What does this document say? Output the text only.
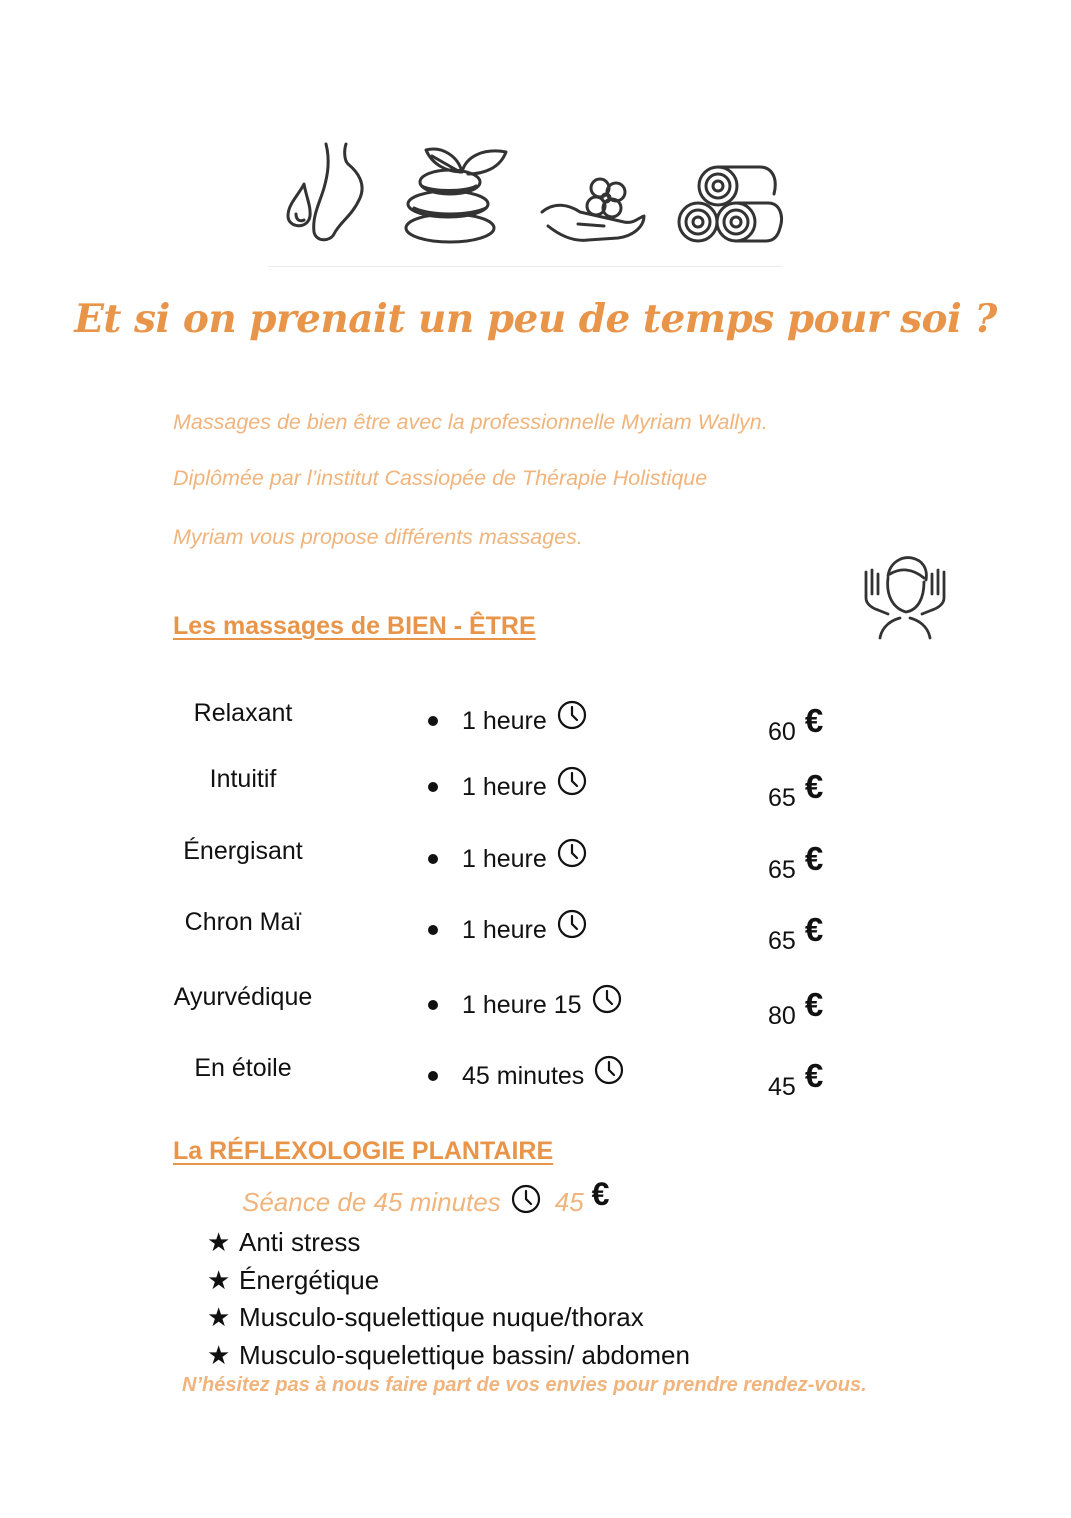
Et si on prenait un peu de temps pour soi ?
Massages de bien être avec la professionnelle Myriam Wallyn.
Diplômée par l’institut Cassiopée de Thérapie Holistique
Myriam vous propose différents massages.
Les massages de BIEN - ÊTRE
Relaxant	1 heure	60 €
Intuitif	1 heure	65 €
Énergisant	1 heure	65 €
Chron Maï	1 heure	65 €
Ayurvédique	1 heure 15	80 €
En étoile	45 minutes	45 €
La RÉFLEXOLOGIE PLANTAIRE
Séance de 45 minutes 45 €
★ Anti stress
★ Énergétique
★ Musculo-squelettique nuque/thorax
★ Musculo-squelettique bassin/ abdomen
N’hésitez pas à nous faire part de vos envies pour prendre rendez-vous.
